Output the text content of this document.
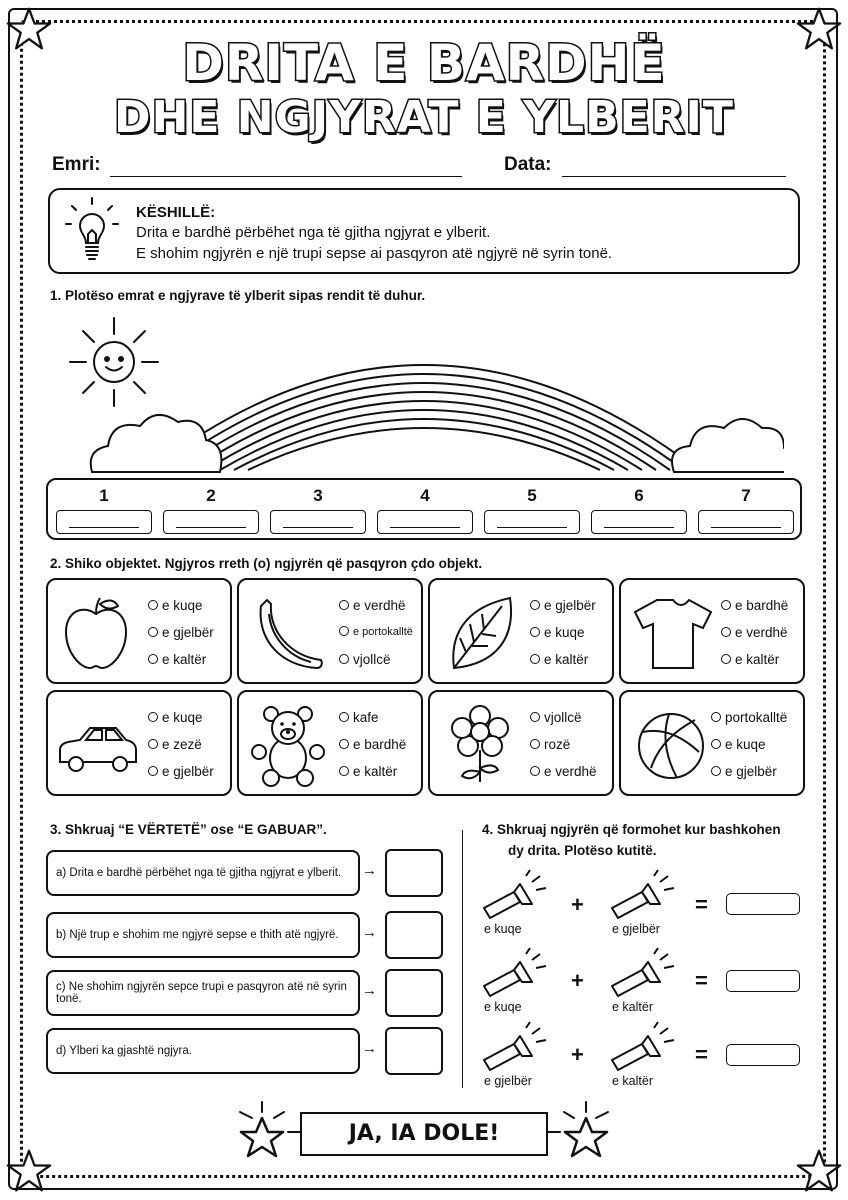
DRITA E BARDHË
DHE NGJYRAT E YLBERIT
Emri:	Data:
KËSHILLË:
Drita e bardhë përbëhet nga të gjitha ngjyrat e ylberit.
E shohim ngjyrën e një trupi sepse ai pasqyron atë ngjyrë në syrin tonë.
1. Plotëso emrat e ngjyrave të ylberit sipas rendit të duhur.
1	2	3	4	5	6	7
2. Shiko objektet. Ngjyros rreth (o) ngjyrën që pasqyron çdo objekt.
e kuqe
e gjelbër
e kaltër
e verdhë
e portokalltë
vjollcë
e gjelbër
e kuqe
e kaltër
e bardhë
e verdhë
e kaltër
e kuqe
e zezë
e gjelbër
kafe
e bardhë
e kaltër
vjollcë
rozë
e verdhë
portokalltë
e kuqe
e gjelbër
3. Shkruaj “E VËRTETË” ose “E GABUAR”.
a) Drita e bardhë përbëhet nga të gjitha ngjyrat e ylberit.	→
b) Një trup e shohim me ngjyrë sepse e thith atë ngjyrë.	→
c) Ne shohim ngjyrën sepce trupi e pasqyron atë në syrin tonë.	→
d) Ylberi ka gjashtë ngjyra.	→
4. Shkruaj ngjyrën që formohet kur bashkohen
dy drita. Plotëso kutitë.
e kuqe
+
e gjelbër
=
e kuqe
+
e kaltër
=
e gjelbër
+
e kaltër
=
JA, IA DOLE!
